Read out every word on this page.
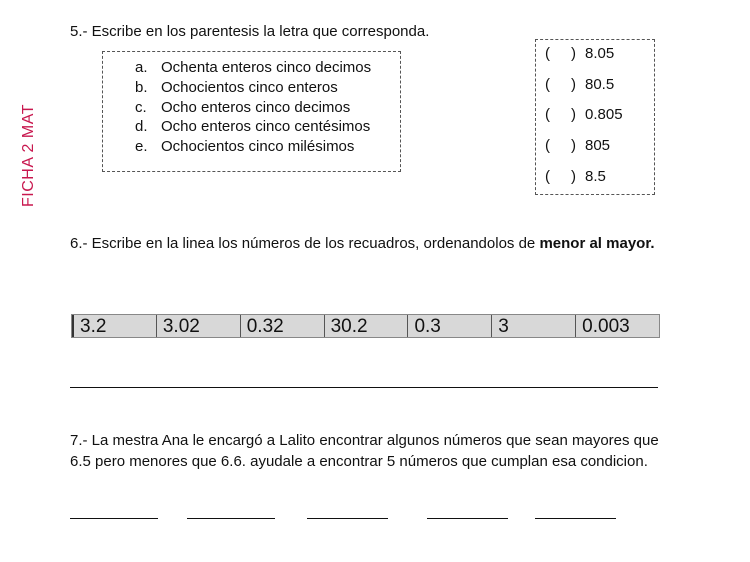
FICHA 2 MAT
5.- Escribe en los parentesis la letra que corresponda.
a. Ochenta enteros cinco decimos
b. Ochocientos cinco enteros
c. Ocho enteros cinco decimos
d. Ocho enteros cinco centésimos
e. Ochocientos cinco milésimos
( ) 8.05
( ) 80.5
( ) 0.805
( ) 805
( ) 8.5
6.- Escribe en la linea los números de los recuadros, ordenandolos de menor al mayor.
3.2	3.02	0.32	30.2	0.3	3	0.003
7.- La mestra Ana le encargó a Lalito encontrar algunos números que sean mayores que 6.5 pero menores que 6.6. ayudale a encontrar 5 números que cumplan esa condicion.
